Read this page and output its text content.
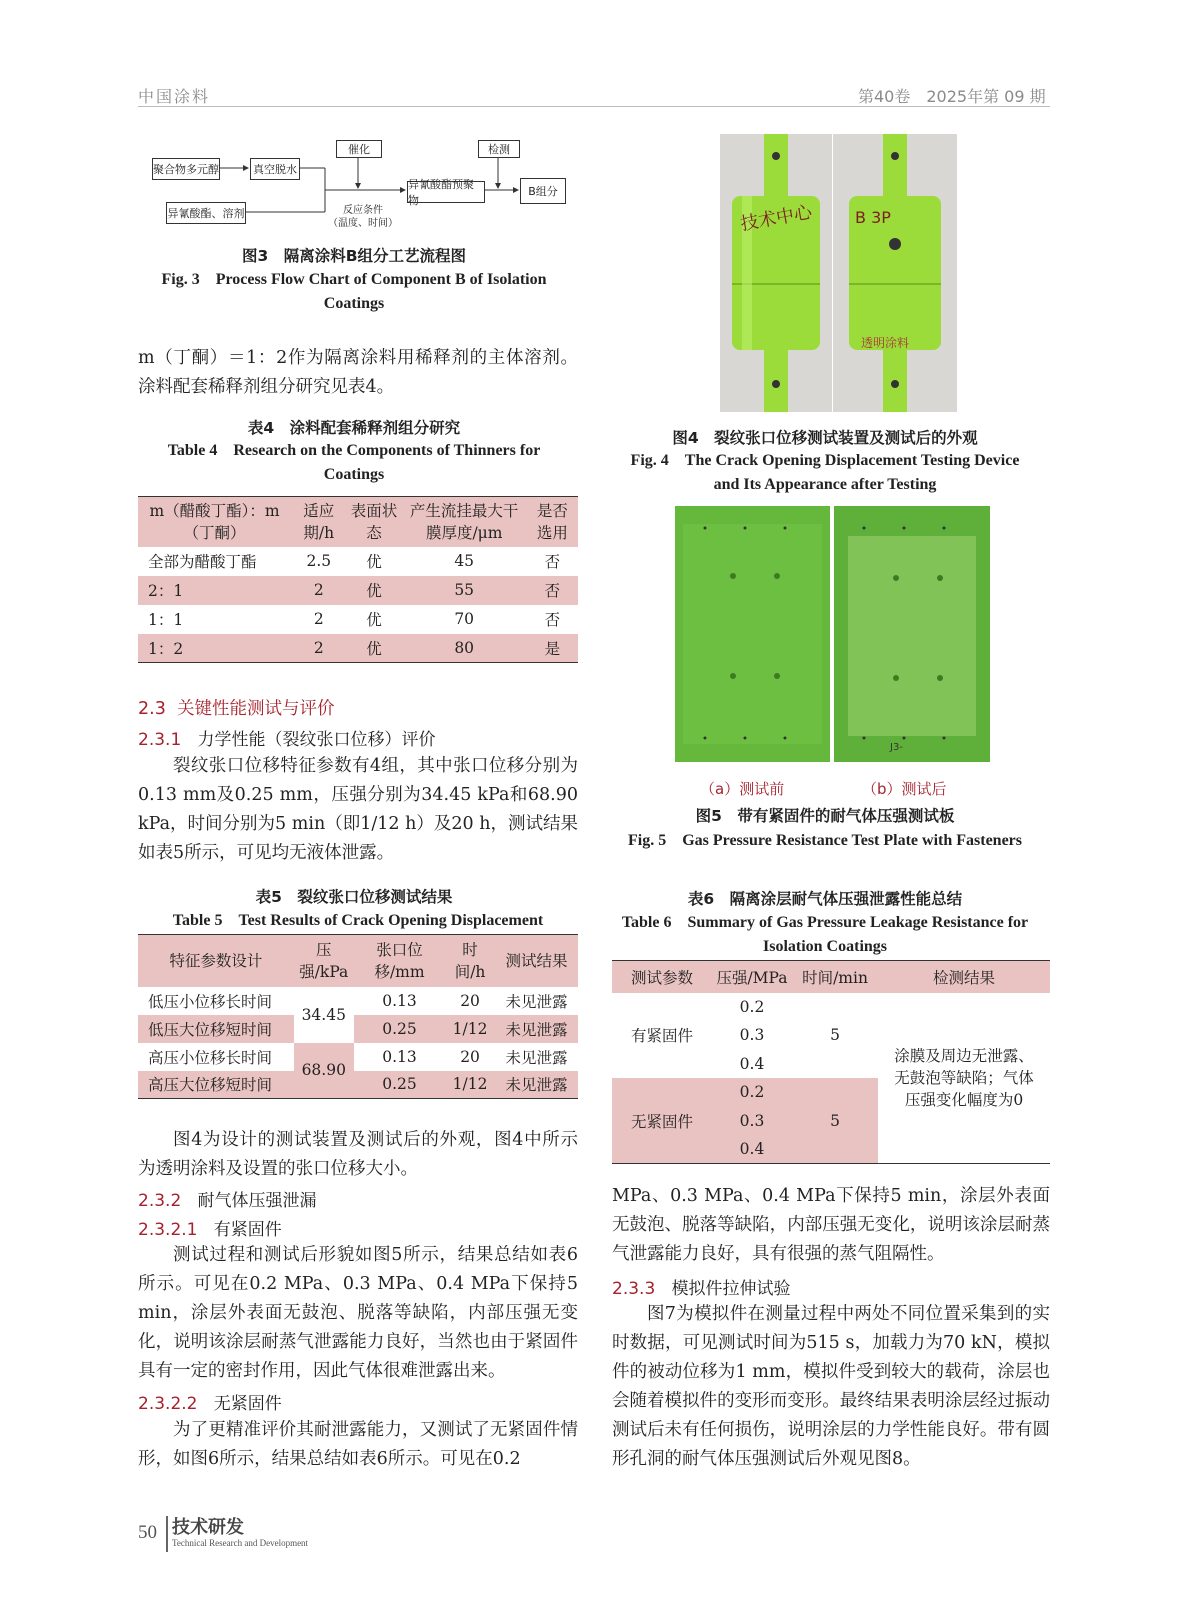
中国涂料	第40卷　2025年第 09 期
聚合物多元醇	真空脱水
催化
异氰酸酯、溶剂
异氰酸酯预聚物
检测
B组分
反应条件
（温度、时间）
图3　隔离涂料B组分工艺流程图
Fig. 3　Process Flow Chart of Component B of Isolation
Coatings
m（丁酮）＝1：2作为隔离涂料用稀释剂的主体溶剂。涂料配套稀释剂组分研究见表4。
表4　涂料配套稀释剂组分研究
Table 4　Research on the Components of Thinners for
Coatings
m（醋酸丁酯）：m（丁酮）	适应期/h	表面状态	产生流挂最大干膜厚度/μm	是否选用
全部为醋酸丁酯	2.5	优	45	否
2：1	2	优	55	否
1：1	2	优	70	否
1：2	2	优	80	是
2.3 关键性能测试与评价
2.3.1 力学性能（裂纹张口位移）评价
裂纹张口位移特征参数有4组，其中张口位移分别为0.13 mm及0.25 mm，压强分别为34.45 kPa和68.90 kPa，时间分别为5 min（即1/12 h）及20 h，测试结果如表5所示，可见均无液体泄露。
表5　裂纹张口位移测试结果
Table 5　Test Results of Crack Opening Displacement
特征参数设计	压强/kPa	张口位移/mm	时间/h	测试结果
低压小位移长时间	34.45	0.13	20	未见泄露
低压大位移短时间		0.25	1/12	未见泄露
高压小位移长时间	68.90	0.13	20	未见泄露
高压大位移短时间		0.25	1/12	未见泄露
图4为设计的测试装置及测试后的外观，图4中所示为透明涂料及设置的张口位移大小。
2.3.2 耐气体压强泄漏
2.3.2.1 有紧固件
测试过程和测试后形貌如图5所示，结果总结如表6所示。可见在0.2 MPa、0.3 MPa、0.4 MPa下保持5 min，涂层外表面无鼓泡、脱落等缺陷，内部压强无变化，说明该涂层耐蒸气泄露能力良好，当然也由于紧固件具有一定的密封作用，因此气体很难泄露出来。
2.3.2.2 无紧固件
为了更精准评价其耐泄露能力，又测试了无紧固件情形，如图6所示，结果总结如表6所示。可见在0.2
技术中心	B 3P
透明涂料
图4　裂纹张口位移测试装置及测试后的外观
Fig. 4　The Crack Opening Displacement Testing Device
and Its Appearance after Testing
J3-
（a）测试前	（b）测试后
图5　带有紧固件的耐气体压强测试板
Fig. 5　Gas Pressure Resistance Test Plate with Fasteners
表6　隔离涂层耐气体压强泄露性能总结
Table 6　Summary of Gas Pressure Leakage Resistance for
Isolation Coatings
测试参数	压强/MPa	时间/min	检测结果
有紧固件	0.2	5	涂膜及周边无泄露、无鼓泡等缺陷；气体压强变化幅度为0
	0.3		
	0.4		
无紧固件	0.2	5	
	0.3		
	0.4		
MPa、0.3 MPa、0.4 MPa下保持5 min，涂层外表面无鼓泡、脱落等缺陷，内部压强无变化，说明该涂层耐蒸气泄露能力良好，具有很强的蒸气阻隔性。
2.3.3 模拟件拉伸试验
图7为模拟件在测量过程中两处不同位置采集到的实时数据，可见测试时间为515 s，加载力为70 kN，模拟件的被动位移为1 mm，模拟件受到较大的载荷，涂层也会随着模拟件的变形而变形。最终结果表明涂层经过振动测试后未有任何损伤，说明涂层的力学性能良好。带有圆形孔洞的耐气体压强测试后外观见图8。
50 技术研发
Technical Research and Development
